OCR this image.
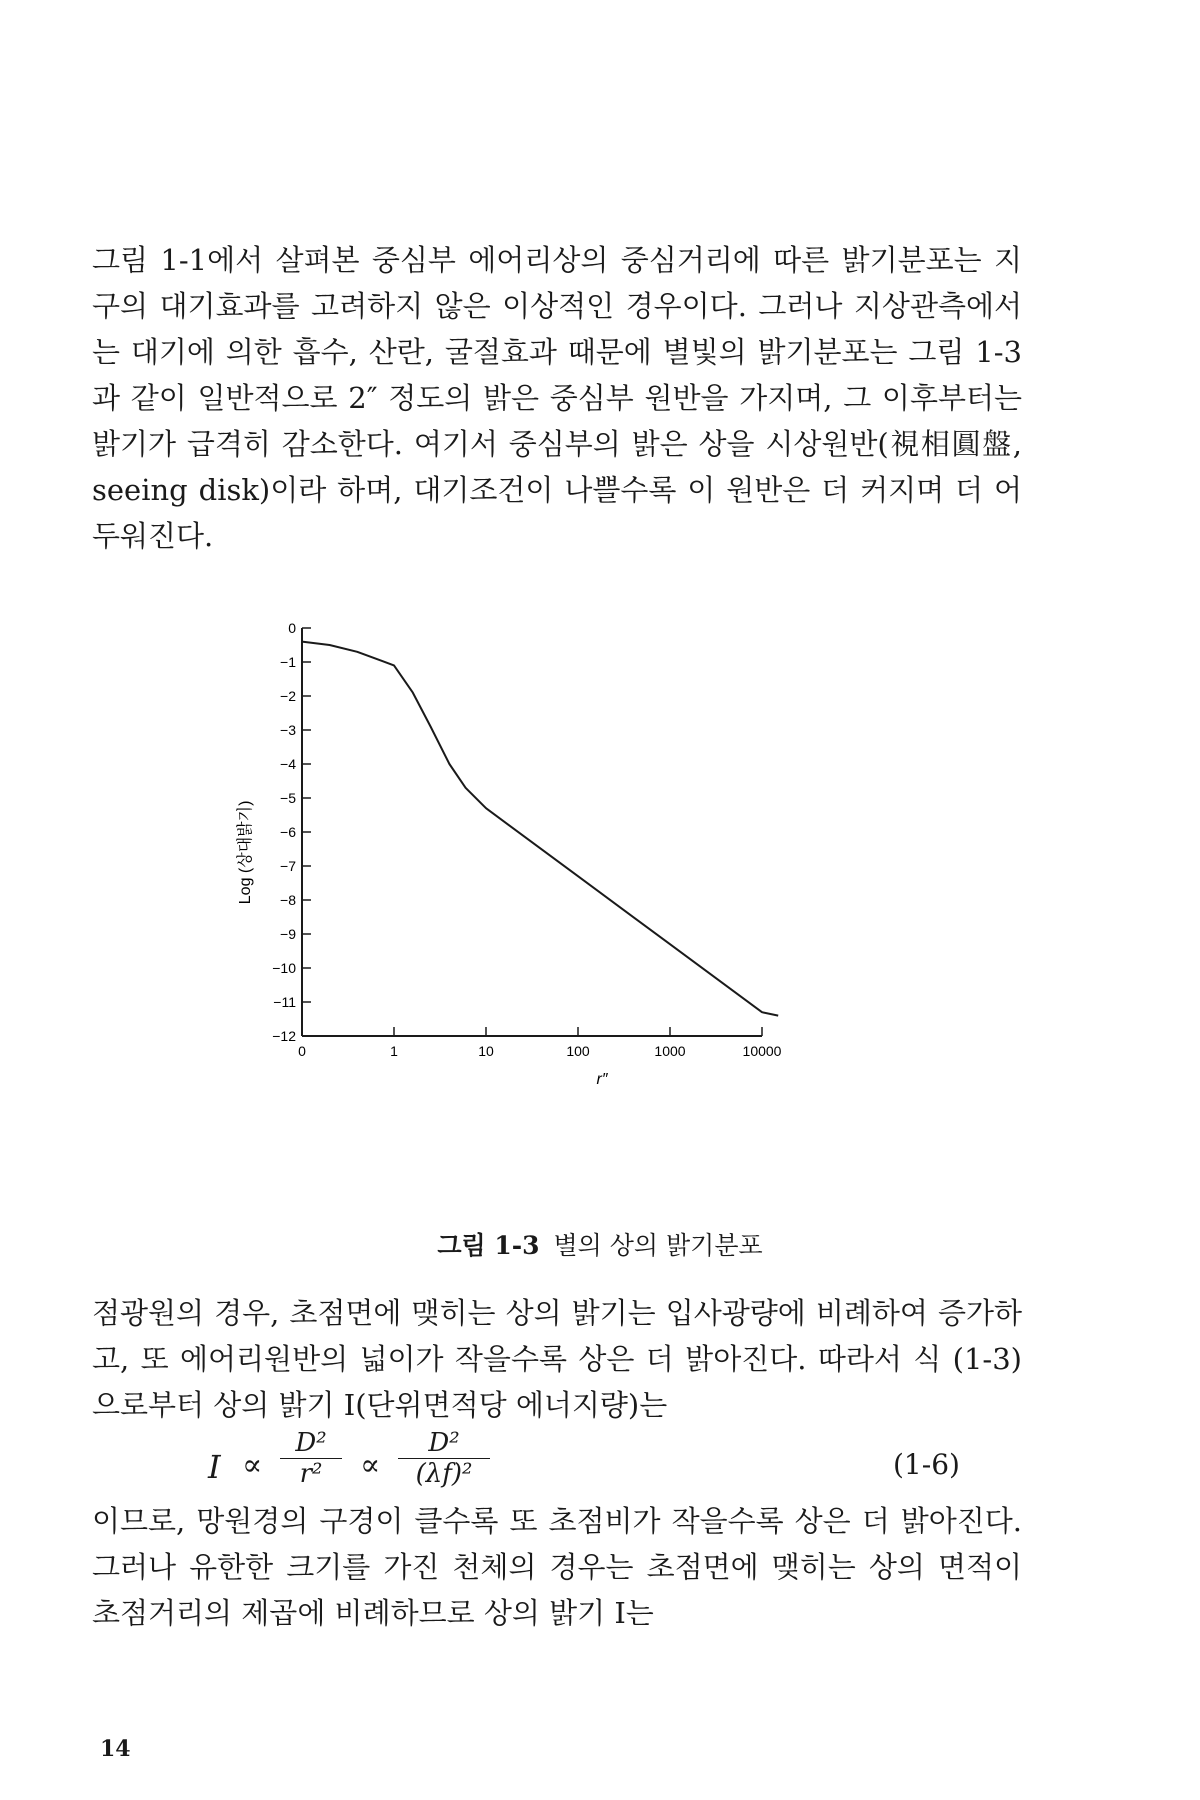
그림 1-1에서 살펴본 중심부 에어리상의 중심거리에 따른 밝기분포는 지구의 대기효과를 고려하지 않은 이상적인 경우이다. 그러나 지상관측에서는 대기에 의한 흡수, 산란, 굴절효과 때문에 별빛의 밝기분포는 그림 1-3과 같이 일반적으로 2″ 정도의 밝은 중심부 원반을 가지며, 그 이후부터는 밝기가 급격히 감소한다. 여기서 중심부의 밝은 상을 시상원반(視相圓盤, seeing disk)이라 하며, 대기조건이 나쁠수록 이 원반은 더 커지며 더 어두워진다.

0
−1
−2
−3
−4
−5
−6
−7
−8
−9
−10
−11
−12
0	1	10	100	1000	10000
r″
Log (상대밝기)
그림 1-3 별의 상의 밝기분포

점광원의 경우, 초점면에 맺히는 상의 밝기는 입사광량에 비례하여 증가하고, 또 에어리원반의 넓이가 작을수록 상은 더 밝아진다. 따라서 식 (1-3)으로부터 상의 밝기 I(단위면적당 에너지량)는

$I \propto \frac{\text{D²}}{\text{r²}} \propto \frac{\text{D²}}{\text{(λf)²}}$	(1-6)

이므로, 망원경의 구경이 클수록 또 초점비가 작을수록 상은 더 밝아진다. 그러나 유한한 크기를 가진 천체의 경우는 초점면에 맺히는 상의 면적이 초점거리의 제곱에 비례하므로 상의 밝기 I는

14
